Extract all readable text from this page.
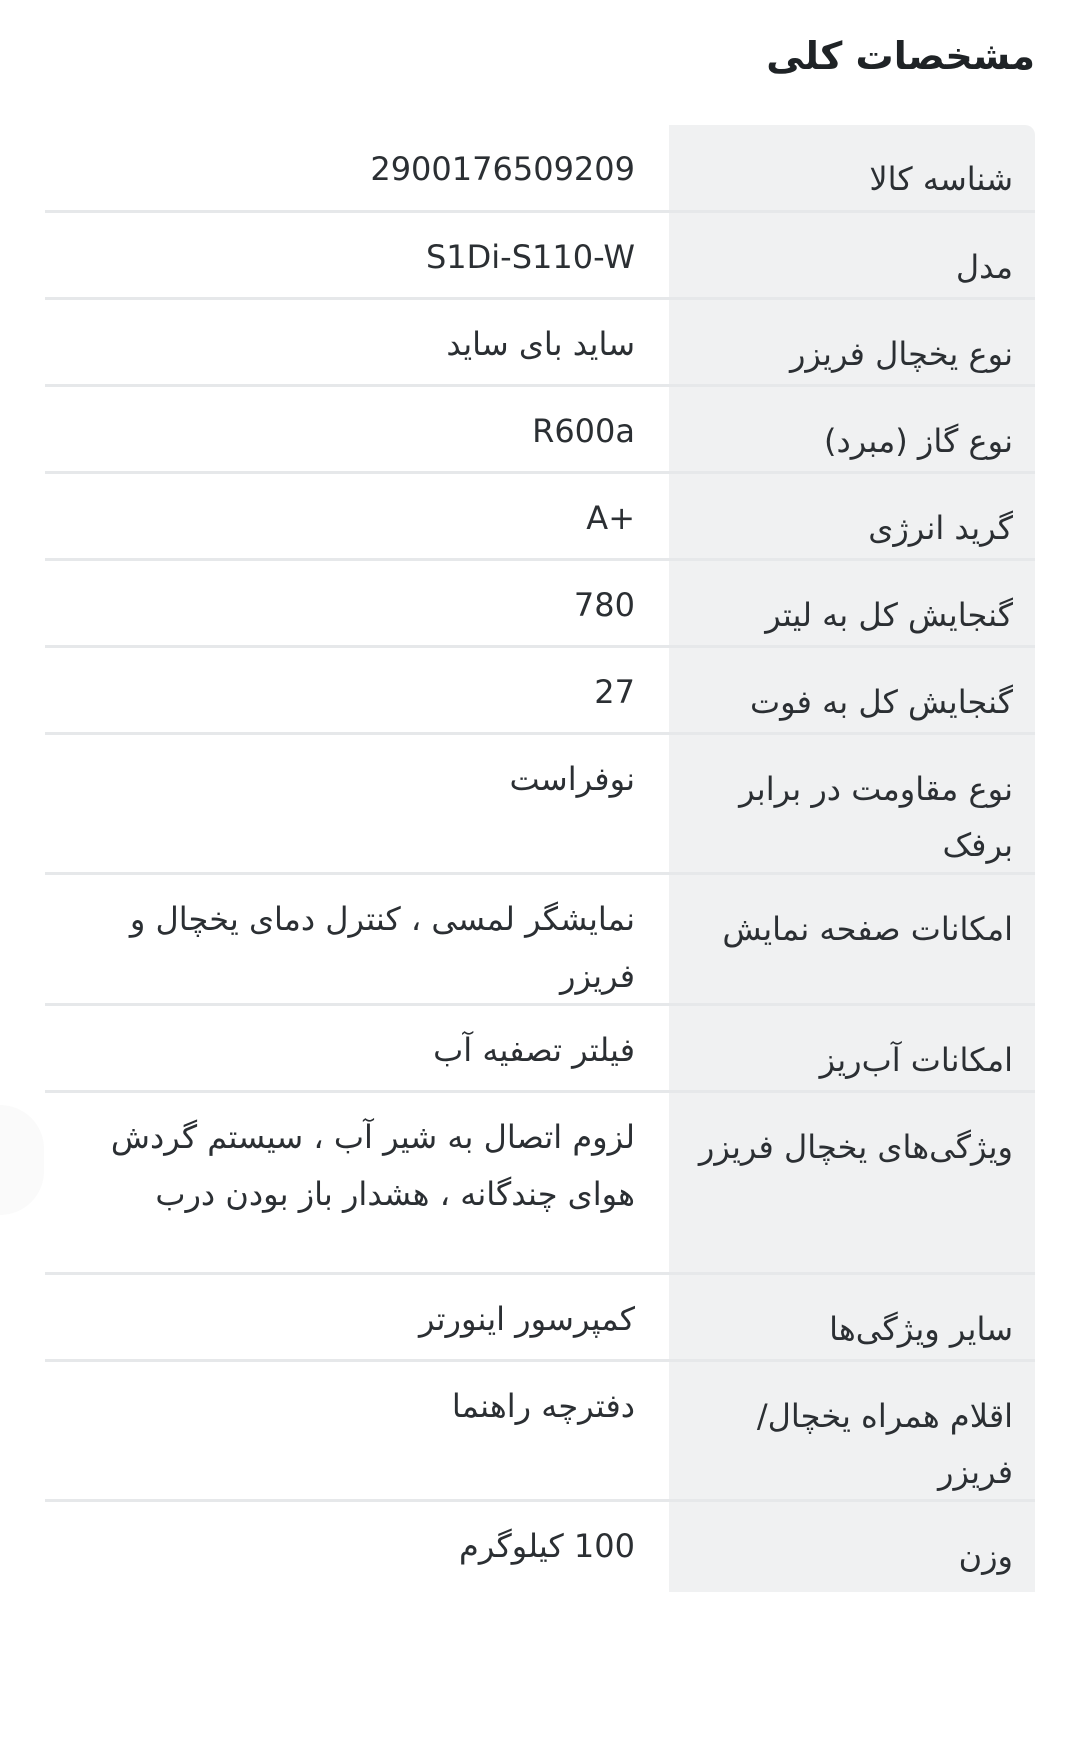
مشخصات کلی
شناسه کالا
2900176509209
مدل
S1Di-S110-W
نوع یخچال فریزر
ساید بای ساید
نوع گاز (مبرد)
R600a
گرید انرژی
A+
گنجایش کل به لیتر
780
گنجایش کل به فوت
27
نوع مقاومت در برابر برفک
نوفراست
امکانات صفحه نمایش
نمایشگر لمسی ، کنترل دمای یخچال و فریزر
امکانات آب‌ریز
فیلتر تصفیه آب
ویژگی‌های یخچال فریزر
لزوم اتصال به شیر آب ، سیستم گردش هوای چندگانه ، هشدار باز بودن درب
سایر ویژگی‌ها
کمپرسور اینورتر
اقلام همراه یخچال/فریزر
دفترچه راهنما
وزن
100 کیلوگرم
